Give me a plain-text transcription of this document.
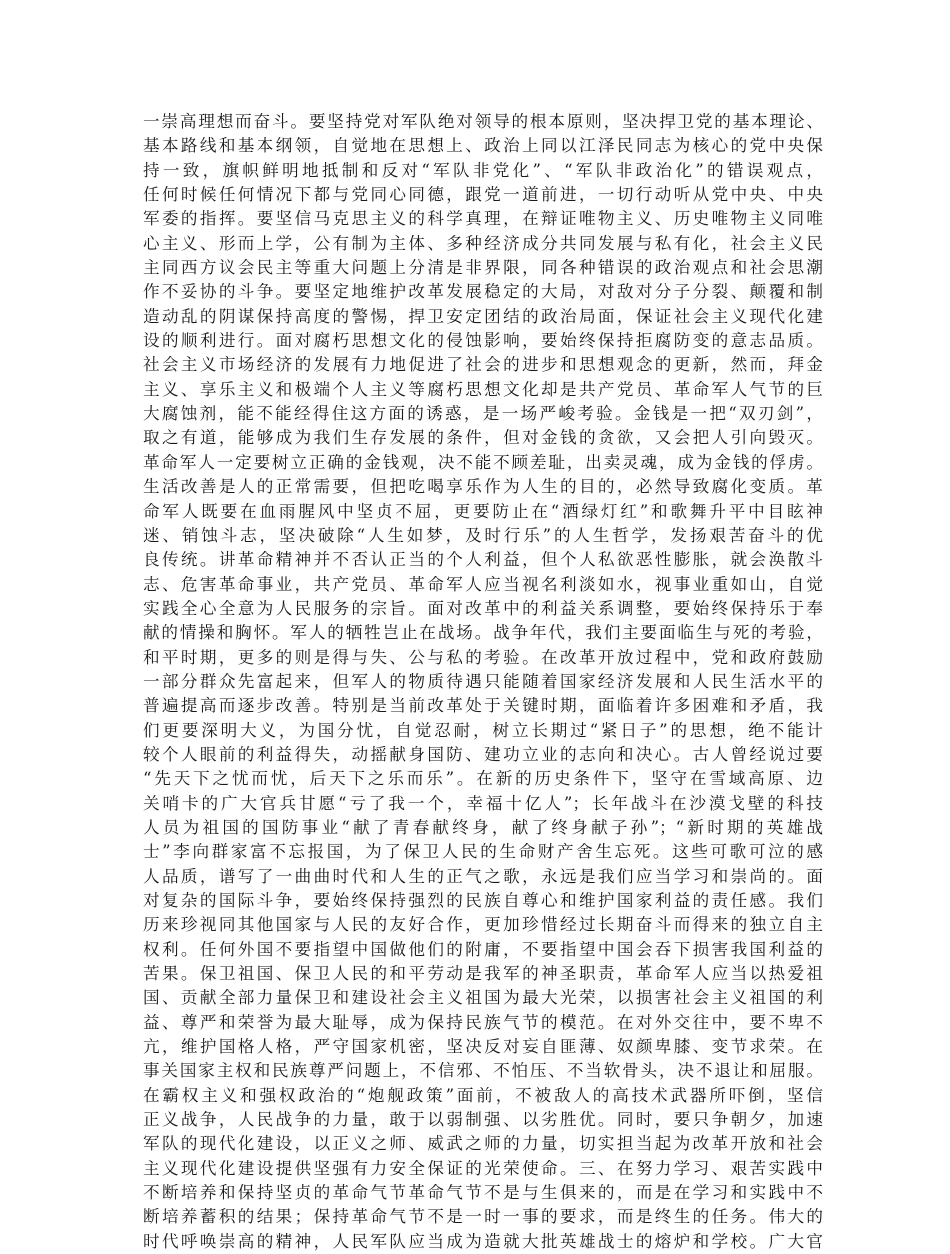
一崇高理想而奋斗。要坚持党对军队绝对领导的根本原则，坚决捍卫党的基本理论、
基本路线和基本纲领，自觉地在思想上、政治上同以江泽民同志为核心的党中央保
持一致，旗帜鲜明地抵制和反对“军队非党化”、“军队非政治化”的错误观点，
任何时候任何情况下都与党同心同德，跟党一道前进，一切行动听从党中央、中央
军委的指挥。要坚信马克思主义的科学真理，在辩证唯物主义、历史唯物主义同唯
心主义、形而上学，公有制为主体、多种经济成分共同发展与私有化，社会主义民
主同西方议会民主等重大问题上分清是非界限，同各种错误的政治观点和社会思潮
作不妥协的斗争。要坚定地维护改革发展稳定的大局，对敌对分子分裂、颠覆和制
造动乱的阴谋保持高度的警惕，捍卫安定团结的政治局面，保证社会主义现代化建
设的顺利进行。面对腐朽思想文化的侵蚀影响，要始终保持拒腐防变的意志品质。
社会主义市场经济的发展有力地促进了社会的进步和思想观念的更新，然而，拜金
主义、享乐主义和极端个人主义等腐朽思想文化却是共产党员、革命军人气节的巨
大腐蚀剂，能不能经得住这方面的诱惑，是一场严峻考验。金钱是一把“双刃剑”，
取之有道，能够成为我们生存发展的条件，但对金钱的贪欲，又会把人引向毁灭。
革命军人一定要树立正确的金钱观，决不能不顾差耻，出卖灵魂，成为金钱的俘虏。
生活改善是人的正常需要，但把吃喝享乐作为人生的目的，必然导致腐化变质。革
命军人既要在血雨腥风中坚贞不屈，更要防止在“酒绿灯红”和歌舞升平中目眩神
迷、销蚀斗志，坚决破除“人生如梦，及时行乐”的人生哲学，发扬艰苦奋斗的优
良传统。讲革命精神并不否认正当的个人利益，但个人私欲恶性膨胀，就会涣散斗
志、危害革命事业，共产党员、革命军人应当视名利淡如水，视事业重如山，自觉
实践全心全意为人民服务的宗旨。面对改革中的利益关系调整，要始终保持乐于奉
献的情操和胸怀。军人的牺牲岂止在战场。战争年代，我们主要面临生与死的考验，
和平时期，更多的则是得与失、公与私的考验。在改革开放过程中，党和政府鼓励
一部分群众先富起来，但军人的物质待遇只能随着国家经济发展和人民生活水平的
普遍提高而逐步改善。特别是当前改革处于关键时期，面临着许多困难和矛盾，我
们更要深明大义，为国分忧，自觉忍耐，树立长期过“紧日子”的思想，绝不能计
较个人眼前的利益得失，动摇献身国防、建功立业的志向和决心。古人曾经说过要
“先天下之忧而忧，后天下之乐而乐”。在新的历史条件下，坚守在雪域高原、边
关哨卡的广大官兵甘愿“亏了我一个，幸福十亿人”；长年战斗在沙漠戈壁的科技
人员为祖国的国防事业“献了青春献终身，献了终身献子孙”；“新时期的英雄战
士”李向群家富不忘报国，为了保卫人民的生命财产舍生忘死。这些可歌可泣的感
人品质，谱写了一曲曲时代和人生的正气之歌，永远是我们应当学习和崇尚的。面
对复杂的国际斗争，要始终保持强烈的民族自尊心和维护国家利益的责任感。我们
历来珍视同其他国家与人民的友好合作，更加珍惜经过长期奋斗而得来的独立自主
权利。任何外国不要指望中国做他们的附庸，不要指望中国会吞下损害我国利益的
苦果。保卫祖国、保卫人民的和平劳动是我军的神圣职责，革命军人应当以热爱祖
国、贡献全部力量保卫和建设社会主义祖国为最大光荣，以损害社会主义祖国的利
益、尊严和荣誉为最大耻辱，成为保持民族气节的模范。在对外交往中，要不卑不
亢，维护国格人格，严守国家机密，坚决反对妄自匪薄、奴颜卑膝、变节求荣。在
事关国家主权和民族尊严问题上，不信邪、不怕压、不当软骨头，决不退让和屈服。
在霸权主义和强权政治的“炮舰政策”面前，不被敌人的高技术武器所吓倒，坚信
正义战争，人民战争的力量，敢于以弱制强、以劣胜优。同时，要只争朝夕，加速
军队的现代化建设，以正义之师、威武之师的力量，切实担当起为改革开放和社会
主义现代化建设提供坚强有力安全保证的光荣使命。三、在努力学习、艰苦实践中
不断培养和保持坚贞的革命气节革命气节不是与生俱来的，而是在学习和实践中不
断培养蓄积的结果；保持革命气节不是一时一事的要求，而是终生的任务。伟大的
时代呼唤崇高的精神，人民军队应当成为造就大批英雄战士的熔炉和学校。广大官
